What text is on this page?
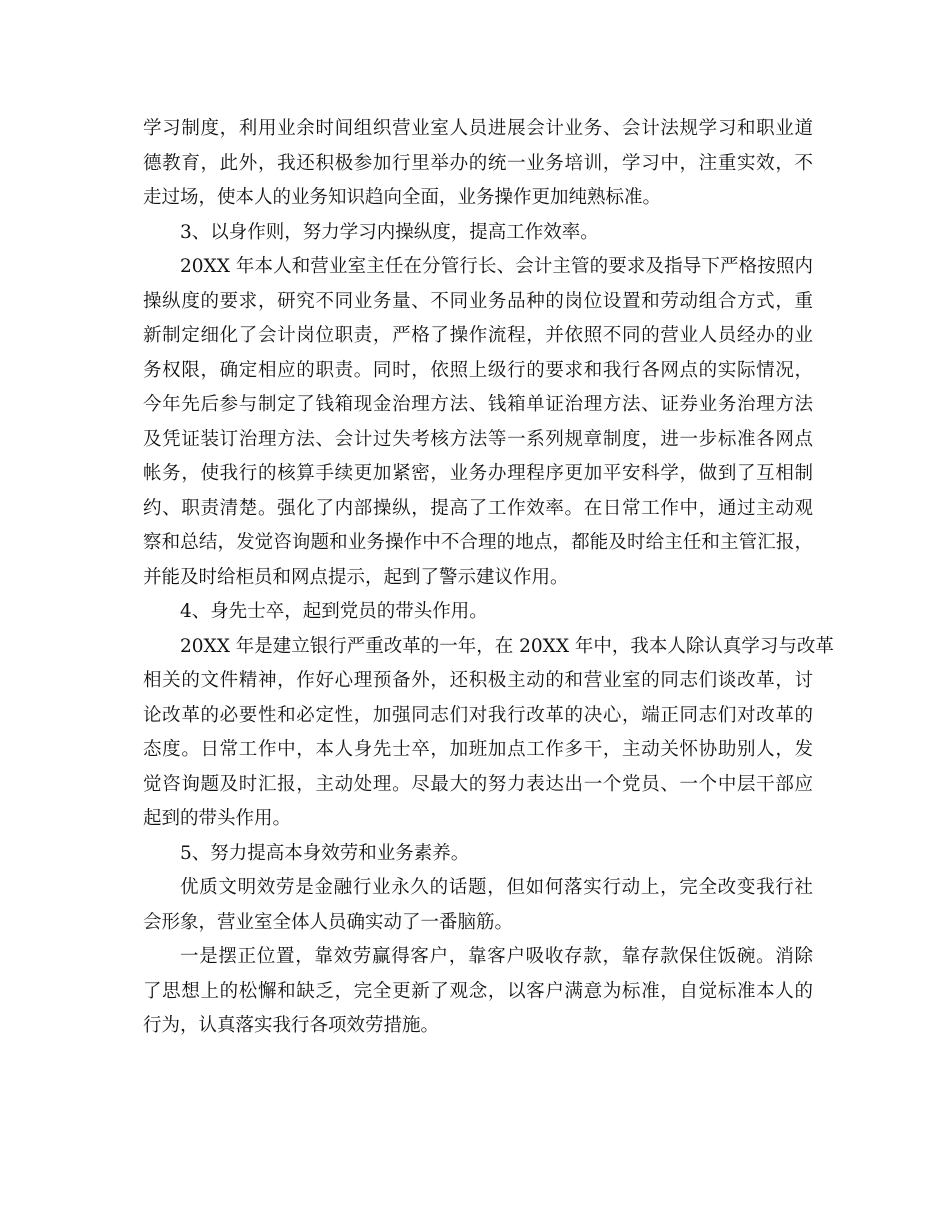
学习制度，利用业余时间组织营业室人员进展会计业务、会计法规学习和职业道
德教育，此外，我还积极参加行里举办的统一业务培训，学习中，注重实效，不
走过场，使本人的业务知识趋向全面，业务操作更加纯熟标准。
3、以身作则，努力学习内操纵度，提高工作效率。
20XX 年本人和营业室主任在分管行长、会计主管的要求及指导下严格按照内
操纵度的要求，研究不同业务量、不同业务品种的岗位设置和劳动组合方式，重
新制定细化了会计岗位职责，严格了操作流程，并依照不同的营业人员经办的业
务权限，确定相应的职责。同时，依照上级行的要求和我行各网点的实际情况，
今年先后参与制定了钱箱现金治理方法、钱箱单证治理方法、证券业务治理方法
及凭证装订治理方法、会计过失考核方法等一系列规章制度，进一步标准各网点
帐务，使我行的核算手续更加紧密，业务办理程序更加平安科学，做到了互相制
约、职责清楚。强化了内部操纵，提高了工作效率。在日常工作中，通过主动观
察和总结，发觉咨询题和业务操作中不合理的地点，都能及时给主任和主管汇报，
并能及时给柜员和网点提示，起到了警示建议作用。
4、身先士卒，起到党员的带头作用。
20XX 年是建立银行严重改革的一年，在 20XX 年中，我本人除认真学习与改革
相关的文件精神，作好心理预备外，还积极主动的和营业室的同志们谈改革，讨
论改革的必要性和必定性，加强同志们对我行改革的决心，端正同志们对改革的
态度。日常工作中，本人身先士卒，加班加点工作多干，主动关怀协助别人，发
觉咨询题及时汇报，主动处理。尽最大的努力表达出一个党员、一个中层干部应
起到的带头作用。
5、努力提高本身效劳和业务素养。
优质文明效劳是金融行业永久的话题，但如何落实行动上，完全改变我行社
会形象，营业室全体人员确实动了一番脑筋。
一是摆正位置，靠效劳赢得客户，靠客户吸收存款，靠存款保住饭碗。消除
了思想上的松懈和缺乏，完全更新了观念，以客户满意为标准，自觉标准本人的
行为，认真落实我行各项效劳措施。
